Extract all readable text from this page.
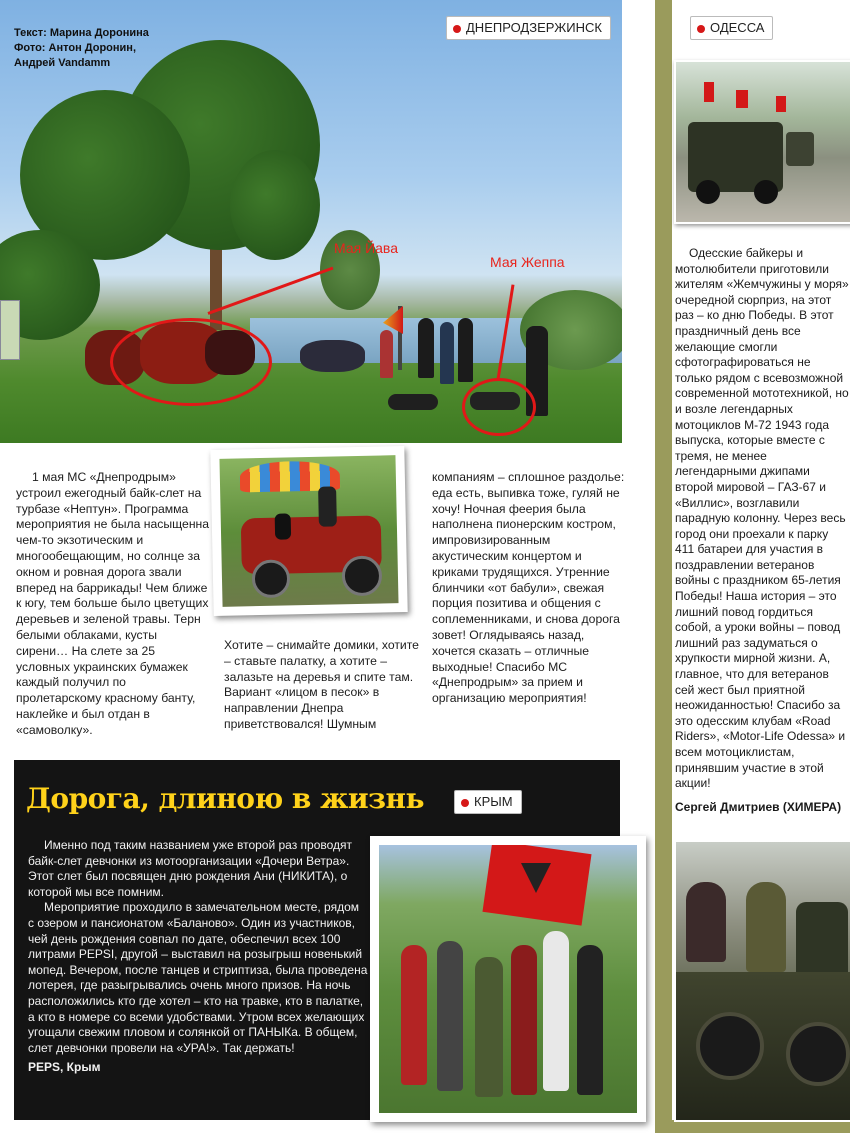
Мая Йава
Мая Жеппа
Текст: Марина Доронина
Фото: Антон Доронин,
Андрей Vandamm
ДНЕПРОДЗЕРЖИНСК

1 мая МС «Днепродрым» устроил ежегодный байк-слет на турбазе «Нептун». Программа мероприятия не была насыщенна чем-то экзотическим и многообещающим, но солнце за окном и ровная дорога звали вперед на баррикады! Чем ближе к югу, тем больше было цветущих деревьев и зеленой травы. Терн белыми облаками, кусты сирени… На слете за 25 условных украинских бумажек каждый получил по пролетарскому красному банту, наклейке и был отдан в «самоволку».

Хотите – снимайте домики, хотите – ставьте палатку, а хотите – залазьте на деревья и спите там. Вариант «лицом в песок» в направлении Днепра приветствовался! Шумным

компаниям – сплошное раздолье: еда есть, выпивка тоже, гуляй не хочу! Ночная феерия была наполнена пионерским костром, импровизированным акустическим концертом и криками трудящихся. Утренние блинчики «от бабули», свежая порция позитива и общения с соплеменниками, и снова дорога зовет! Оглядываясь назад, хочется сказать – отличные выходные! Спасибо МС «Днепродрым» за прием и организацию мероприятия!

ОДЕССА

Одесские байкеры и мотолюбители приготовили жителям «Жемчужины у моря» очередной сюрприз, на этот раз – ко дню Победы. В этот праздничный день все желающие смогли сфотографироваться не только рядом с всевозможной современной мототехникой, но и возле легендарных мотоциклов М-72 1943 года выпуска, которые вместе с тремя, не менее легендарными джипами второй мировой – ГАЗ-67 и «Виллис», возглавили парадную колонну. Через весь город они проехали к парку 411 батареи для участия в поздравлении ветеранов войны с праздником 65-летия Победы! Наша история – это лишний повод гордиться собой, а уроки войны – повод лишний раз задуматься о хрупкости мирной жизни. А, главное, что для ветеранов сей жест был приятной неожиданностью! Спасибо за это одесским клубам «Road Riders», «Motor-Life Odessa» и всем мотоциклистам, принявшим участие в этой акции!

Сергей Дмитриев (ХИМЕРА)

Дорога, длиною в жизнь	КРЫМ

Именно под таким названием уже второй раз проводят байк-слет девчонки из мотоорганизации «Дочери Ветра». Этот слет был посвящен дню рождения Ани (НИКИТА), о которой мы все помним.

Мероприятие проходило в замечательном месте, рядом с озером и пансионатом «Баланово». Один из участников, чей день рождения совпал по дате, обеспечил всех 100 литрами PEPSI, другой – выставил на розыгрыш новенький мопед. Вечером, после танцев и стриптиза, была проведена лотерея, где разыгрывались очень много призов. На ночь расположились кто где хотел – кто на травке, кто в палатке, а кто в номере со всеми удобствами. Утром всех желающих угощали свежим пловом и солянкой от ПАНЫКа. В общем, слет девчонки провели на «УРА!». Так держать!

PEPS, Крым
